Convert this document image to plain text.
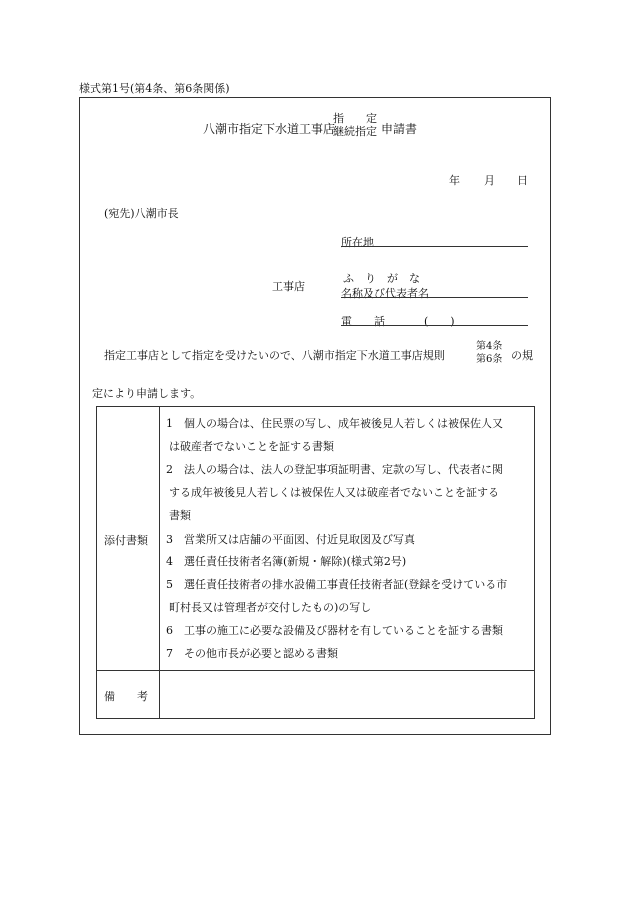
様式第1号(第4条、第6条関係)
八潮市指定下水道工事店
指　　定
継続指定 申請書
年 月 日
(宛先)八潮市長
所在地
工事店
ふ　り　が　な
名称及び代表者名
電　　話	(　　)
指定工事店として指定を受けたいので、八潮市指定下水道工事店規則
第4条
第6条 の規
定により申請します。
添付書類
1　個人の場合は、住民票の写し、成年被後見人若しくは被保佐人又
は破産者でないことを証する書類
2　法人の場合は、法人の登記事項証明書、定款の写し、代表者に関
する成年被後見人若しくは被保佐人又は破産者でないことを証する
書類
3　営業所又は店舗の平面図、付近見取図及び写真
4　選任責任技術者名簿(新規・解除)(様式第2号)
5　選任責任技術者の排水設備工事責任技術者証(登録を受けている市
町村長又は管理者が交付したもの)の写し
6　工事の施工に必要な設備及び器材を有していることを証する書類
7　その他市長が必要と認める書類
備 考
